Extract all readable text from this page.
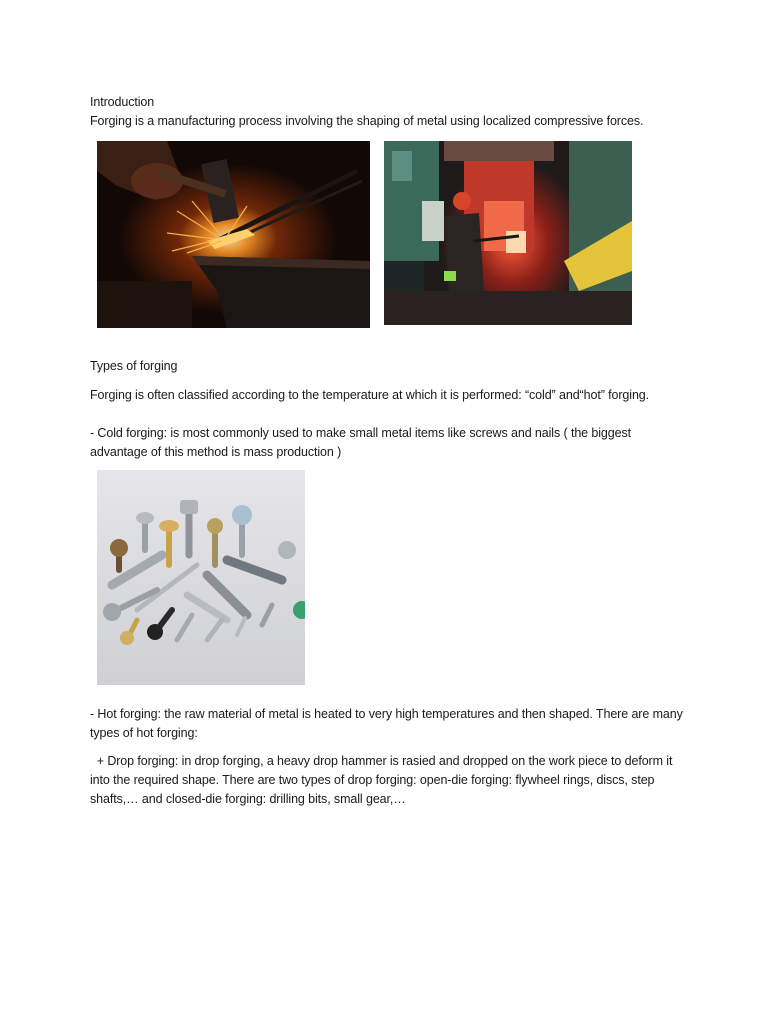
Introduction
Forging is a manufacturing process involving the shaping of metal using localized compressive forces.
Types of forging
Forging is often classified according to the temperature at which it is performed: “cold” and“hot” forging.
- Cold forging: is most commonly used to make small metal items like screws and nails ( the biggest advantage of this method is mass production )
- Hot forging: the raw material of metal is heated to very high temperatures and then shaped. There are many types of hot forging:
+ Drop forging: in drop forging, a heavy drop hammer is rasied and dropped on the work piece to deform it into the required shape. There are two types of drop forging: open-die forging: flywheel rings, discs, step shafts,… and closed-die forging: drilling bits, small gear,…
